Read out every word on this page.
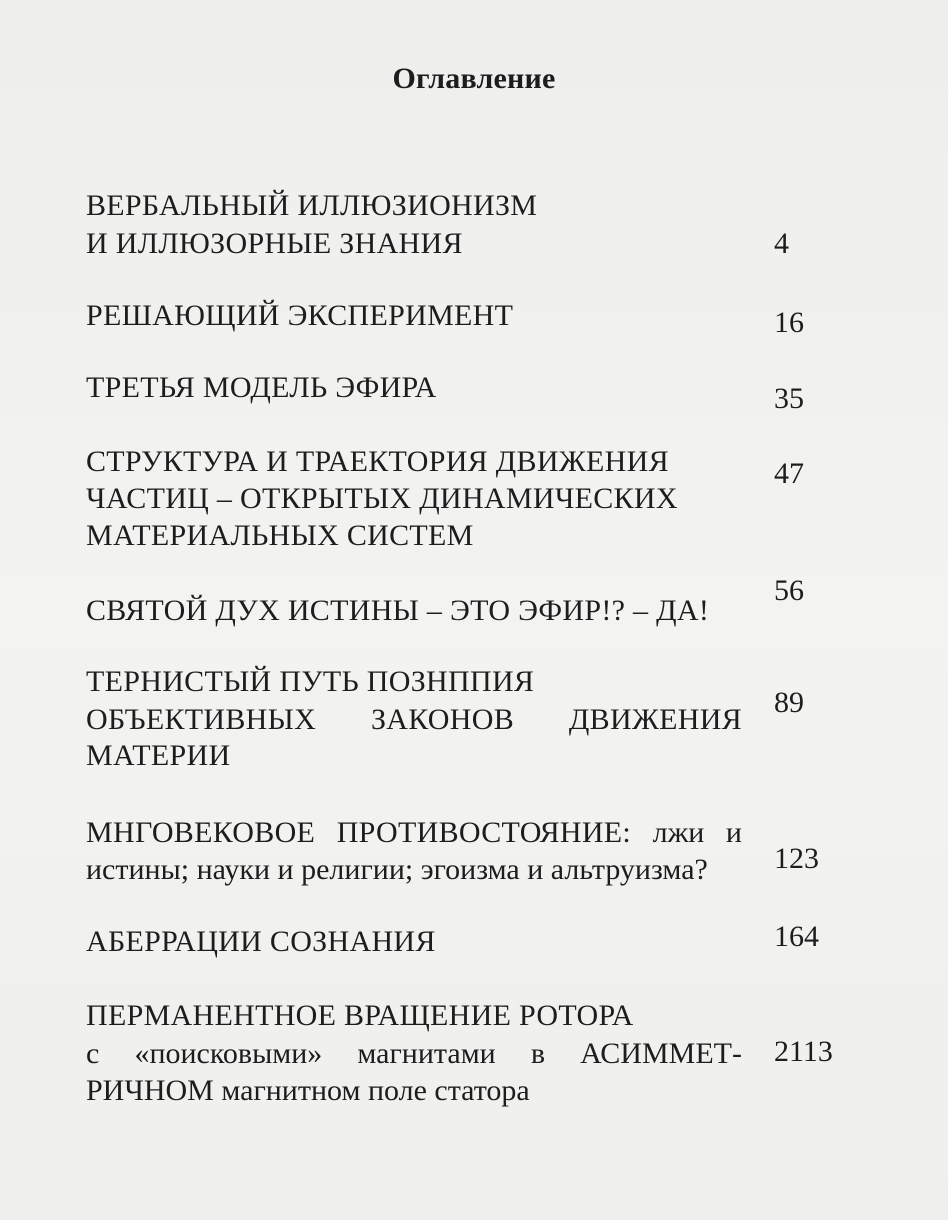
Оглавление
ВЕРБАЛЬНЫЙ ИЛЛЮЗИОНИЗМ
И ИЛЛЮЗОРНЫЕ ЗНАНИЯ	4
РЕШАЮЩИЙ ЭКСПЕРИМЕНТ	16
ТРЕТЬЯ МОДЕЛЬ ЭФИРА	35
СТРУКТУРА И ТРАЕКТОРИЯ ДВИЖЕНИЯ
ЧАСТИЦ – ОТКРЫТЫХ ДИНАМИЧЕСКИХ
МАТЕРИАЛЬНЫХ СИСТЕМ
47
СВЯТОЙ ДУХ ИСТИНЫ – ЭТО ЭФИР!? – ДА!
56
ТЕРНИСТЫЙ ПУТЬ ПОЗНППИЯ
ОБЪЕКТИВНЫХ ЗАКОНОВ ДВИЖЕНИЯ
МАТЕРИИ
89
МНГОВЕКОВОЕ ПРОТИВОСТОЯНИЕ: лжи и
истины; науки и религии; эгоизма и альтруизма? 123
АБЕРРАЦИИ СОЗНАНИЯ	164
ПЕРМАНЕНТНОЕ ВРАЩЕНИЕ РОТОРА
с «поисковыми» магнитами в АСИММЕТ-
РИЧНОМ магнитном поле статора
2113
